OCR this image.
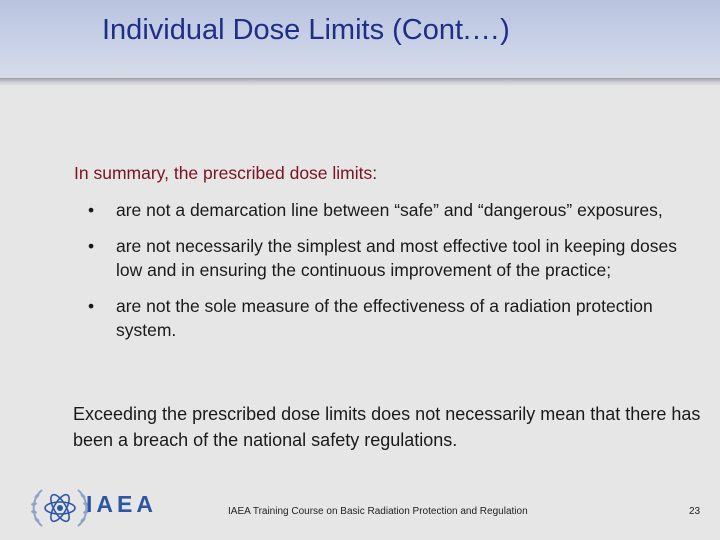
Individual Dose Limits (Cont.…)
In summary, the prescribed dose limits:
• are not a demarcation line between “safe” and “dangerous” exposures,
• are not necessarily the simplest and most effective tool in keeping doses low and in ensuring the continuous improvement of the practice;
• are not the sole measure of the effectiveness of a radiation protection system.
Exceeding the prescribed dose limits does not necessarily mean that there has been a breach of the national safety regulations.
IAEA	IAEA Training Course on Basic Radiation Protection and Regulation	23
